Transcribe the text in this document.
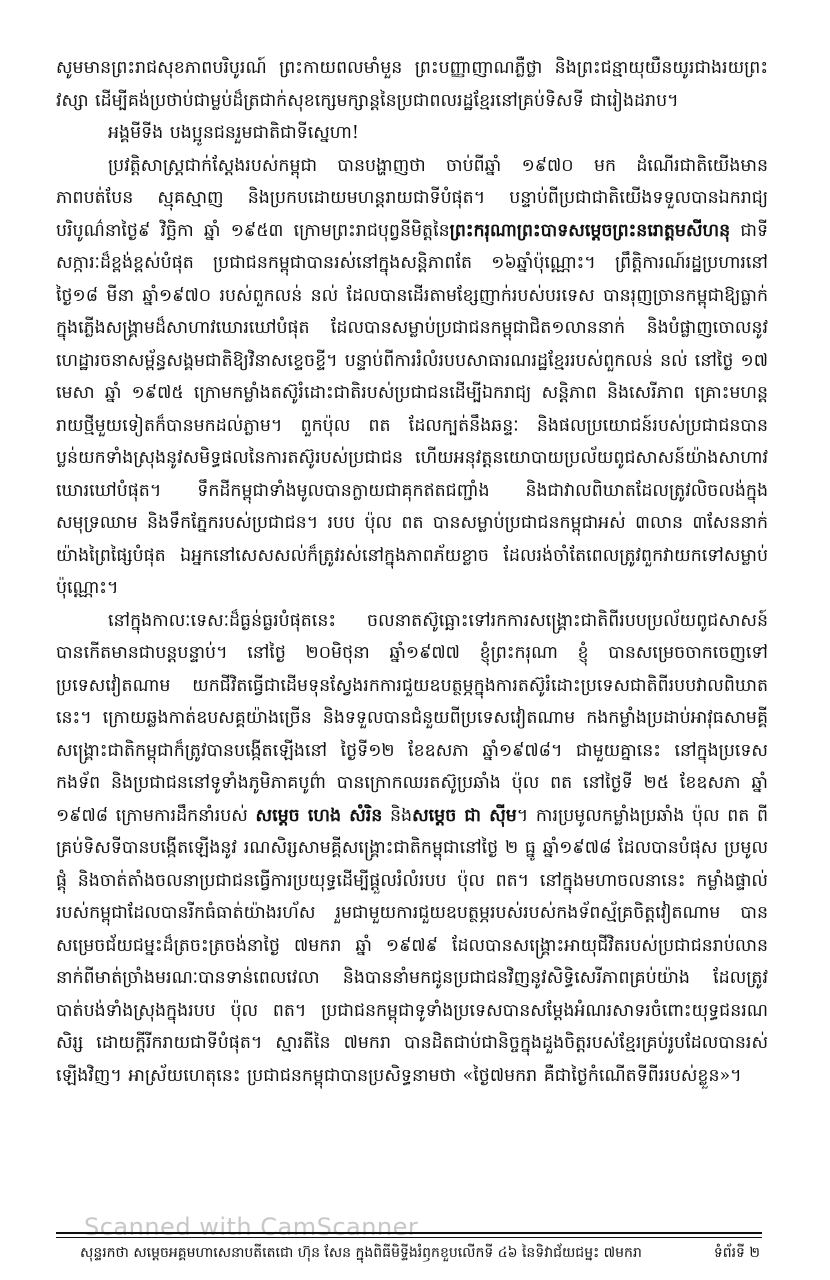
សូមមានព្រះរាជសុខភាពបរិបូរណ៍ ព្រះកាយពលមាំមួន ព្រះបញ្ញាញាណភ្លឺថ្លា និងព្រះជន្មាយុយឺនយូរជាងរយព្រះវស្សា ដើម្បីគង់ប្រថាប់ជាម្លប់ដ៏ត្រជាក់សុខក្សេមក្សាន្តនៃប្រជាពលរដ្ឋខ្មែរនៅគ្រប់ទិសទី ជារៀងដរាប។

អង្គមីទីង បងប្អូនជនរួមជាតិជាទីស្នេហា!

ប្រវត្តិសាស្ត្រជាក់ស្តែងរបស់កម្ពុជា បានបង្ហាញថា ចាប់ពីឆ្នាំ ១៩៧០ មក ដំណើរជាតិយើងមានភាពបត់បែន ស្មុគស្មាញ និងប្រកបដោយមហន្តរាយជាទីបំផុត។ បន្ទាប់ពីប្រជាជាតិយើងទទួលបានឯករាជ្យបរិបូណ៌នាថ្ងៃ៩ វិច្ឆិកា ឆ្នាំ ១៩៥៣ ក្រោមព្រះរាជបុព្វនីមិត្តនៃព្រះករុណាព្រះបាទសម្តេចព្រះនរោត្តមសីហនុ ជាទីសក្ការៈដ៏ខ្ពង់ខ្ពស់បំផុត ប្រជាជនកម្ពុជាបានរស់នៅក្នុងសន្តិភាពតែ ១៦ឆ្នាំប៉ុណ្ណោះ។ ព្រឹត្តិការណ៍រដ្ឋប្រហារនៅថ្ងៃ១៨ មីនា ឆ្នាំ១៩៧០ របស់ពួកលន់ នល់ ដែលបានដើរតាមខ្សែញាក់របស់បរទេស បានរុញច្រានកម្ពុជាឱ្យធ្លាក់ក្នុងភ្លើងសង្គ្រាមដ៏សាហាវឃោរឃៅបំផុត ដែលបានសម្លាប់ប្រជាជនកម្ពុជាជិត១លាននាក់ និងបំផ្លាញចោលនូវហេដ្ឋារចនាសម្ព័ន្ធសង្គមជាតិឱ្យវិនាសខ្ទេចខ្ទី។ បន្ទាប់ពីការរំលំរបបសាធារណរដ្ឋខ្មែររបស់ពួកលន់ នល់ នៅថ្ងៃ ១៧ មេសា ឆ្នាំ ១៩៧៥ ក្រោមកម្លាំងតស៊ូរំដោះជាតិរបស់ប្រជាជនដើម្បីឯករាជ្យ សន្តិភាព និងសេរីភាព គ្រោះមហន្តរាយថ្មីមួយទៀតក៏បានមកដល់ភ្លាម។ ពួកប៉ុល ពត ដែលក្បត់នឹងឆន្ទៈ និងផលប្រយោជន៍របស់ប្រជាជនបានប្លន់យកទាំងស្រុងនូវសមិទ្ធផលនៃការតស៊ូរបស់ប្រជាជន ហើយអនុវត្តនយោបាយប្រល័យពូជសាសន៍យ៉ាងសាហាវឃោរឃៅបំផុត។ ទឹកដីកម្ពុជាទាំងមូលបានក្លាយជាគុកឥតជញ្ជាំង និងជាវាលពិឃាតដែលត្រូវលិចលង់ក្នុងសមុទ្រឈាម និងទឹកភ្នែករបស់ប្រជាជន។ របប ប៉ុល ពត បានសម្លាប់ប្រជាជនកម្ពុជាអស់ ៣លាន ៣សែននាក់ យ៉ាងព្រៃផ្សៃបំផុត ឯអ្នកនៅសេសសល់ក៏ត្រូវរស់នៅក្នុងភាពភ័យខ្លាច ដែលរង់ចាំតែពេលត្រូវពួកវាយកទៅសម្លាប់ប៉ុណ្ណោះ។

នៅក្នុងកាលៈទេសៈដ៏ធ្ងន់ធ្ងរបំផុតនេះ ចលនាតស៊ូធ្ឆោះទៅរកការសង្គ្រោះជាតិពីរបបប្រល័យពូជសាសន៍បានកើតមានជាបន្តបន្ទាប់។ នៅថ្ងៃ ២០មិថុនា ឆ្នាំ១៩៧៧ ខ្ញុំព្រះករុណា ខ្ញុំ បានសម្រេចចាកចេញទៅប្រទេសវៀតណាម យកជីវិតធ្វើជាដើមទុនស្វែងរកការជួយឧបត្ថម្ភក្នុងការតស៊ូរំដោះប្រទេសជាតិពីរបបវាលពិឃាតនេះ។ ក្រោយឆ្លងកាត់ឧបសគ្គយ៉ាងច្រើន និងទទួលបានជំនួយពីប្រទេសវៀតណាម កងកម្លាំងប្រដាប់អាវុធសាមគ្គីសង្គ្រោះជាតិកម្ពុជាក៏ត្រូវបានបង្កើតឡើងនៅ ថ្ងៃទី១២ ខែឧសភា ឆ្នាំ១៩៧៨។ ជាមួយគ្នានេះ នៅក្នុងប្រទេស កងទ័ព និងប្រជាជននៅទូទាំងភូមិភាគបូព៌ា បានក្រោកឈរតស៊ូប្រឆាំង ប៉ុល ពត នៅថ្ងៃទី ២៥ ខែឧសភា ឆ្នាំ ១៩៧៨ ក្រោមការដឹកនាំរបស់ សម្តេច ហេង សំរិន និងសម្តេច ជា ស៊ីម។ ការប្រមូលកម្លាំងប្រឆាំង ប៉ុល ពត ពីគ្រប់ទិសទីបានបង្កើតឡើងនូវ រណសិរ្សសាមគ្គីសង្គ្រោះជាតិកម្ពុជានៅថ្ងៃ ២ ធ្នូ ឆ្នាំ១៩៧៨ ដែលបានបំផុស ប្រមូលផ្តុំ និងចាត់តាំងចលនាប្រជាជនធ្វើការប្រយុទ្ធដើម្បីផ្តួលរំលំរបប ប៉ុល ពត។ នៅក្នុងមហាចលនានេះ កម្លាំងផ្ទាល់របស់កម្ពុជាដែលបានរីកធំធាត់យ៉ាងរហ័ស រួមជាមួយការជួយឧបត្ថម្ភរបស់របស់កងទ័ពស្ម័គ្រចិត្តវៀតណាម បានសម្រេចជ័យជម្នះដ៏ត្រចះត្រចង់នាថ្ងៃ ៧មករា ឆ្នាំ ១៩៧៩ ដែលបានសង្គ្រោះអាយុជីវិតរបស់ប្រជាជនរាប់លាននាក់ពីមាត់ច្រាំងមរណៈបានទាន់ពេលវេលា និងបាននាំមកជូនប្រជាជនវិញនូវសិទ្ធិសេរីភាពគ្រប់យ៉ាង ដែលត្រូវបាត់បង់ទាំងស្រុងក្នុងរបប ប៉ុល ពត។ ប្រជាជនកម្ពុជាទូទាំងប្រទេសបានសម្តែងអំណរសាទរចំពោះយុទ្ធជនរណសិរ្ស ដោយក្តីរីករាយជាទីបំផុត។ ស្មារតីនៃ ៧មករា បានដិតជាប់ជានិច្ចក្នុងដួងចិត្តរបស់ខ្មែរគ្រប់រូបដែលបានរស់ឡើងវិញ។ អាស្រ័យហេតុនេះ ប្រជាជនកម្ពុជាបានប្រសិទ្ធនាមថា «ថ្ងៃ៧មករា គឺជាថ្ងៃកំណើតទីពីររបស់ខ្លួន»។

Scanned with CamScanner
សុន្ទរកថា សម្តេចអគ្គមហាសេនាបតីតេជោ ហ៊ុន សែន ក្នុងពិធីមិទ្ទីងរំឭកខួបលើកទី ៤៦ នៃទិវាជ័យជម្នះ ៧មករា	ទំព័រទី ២
